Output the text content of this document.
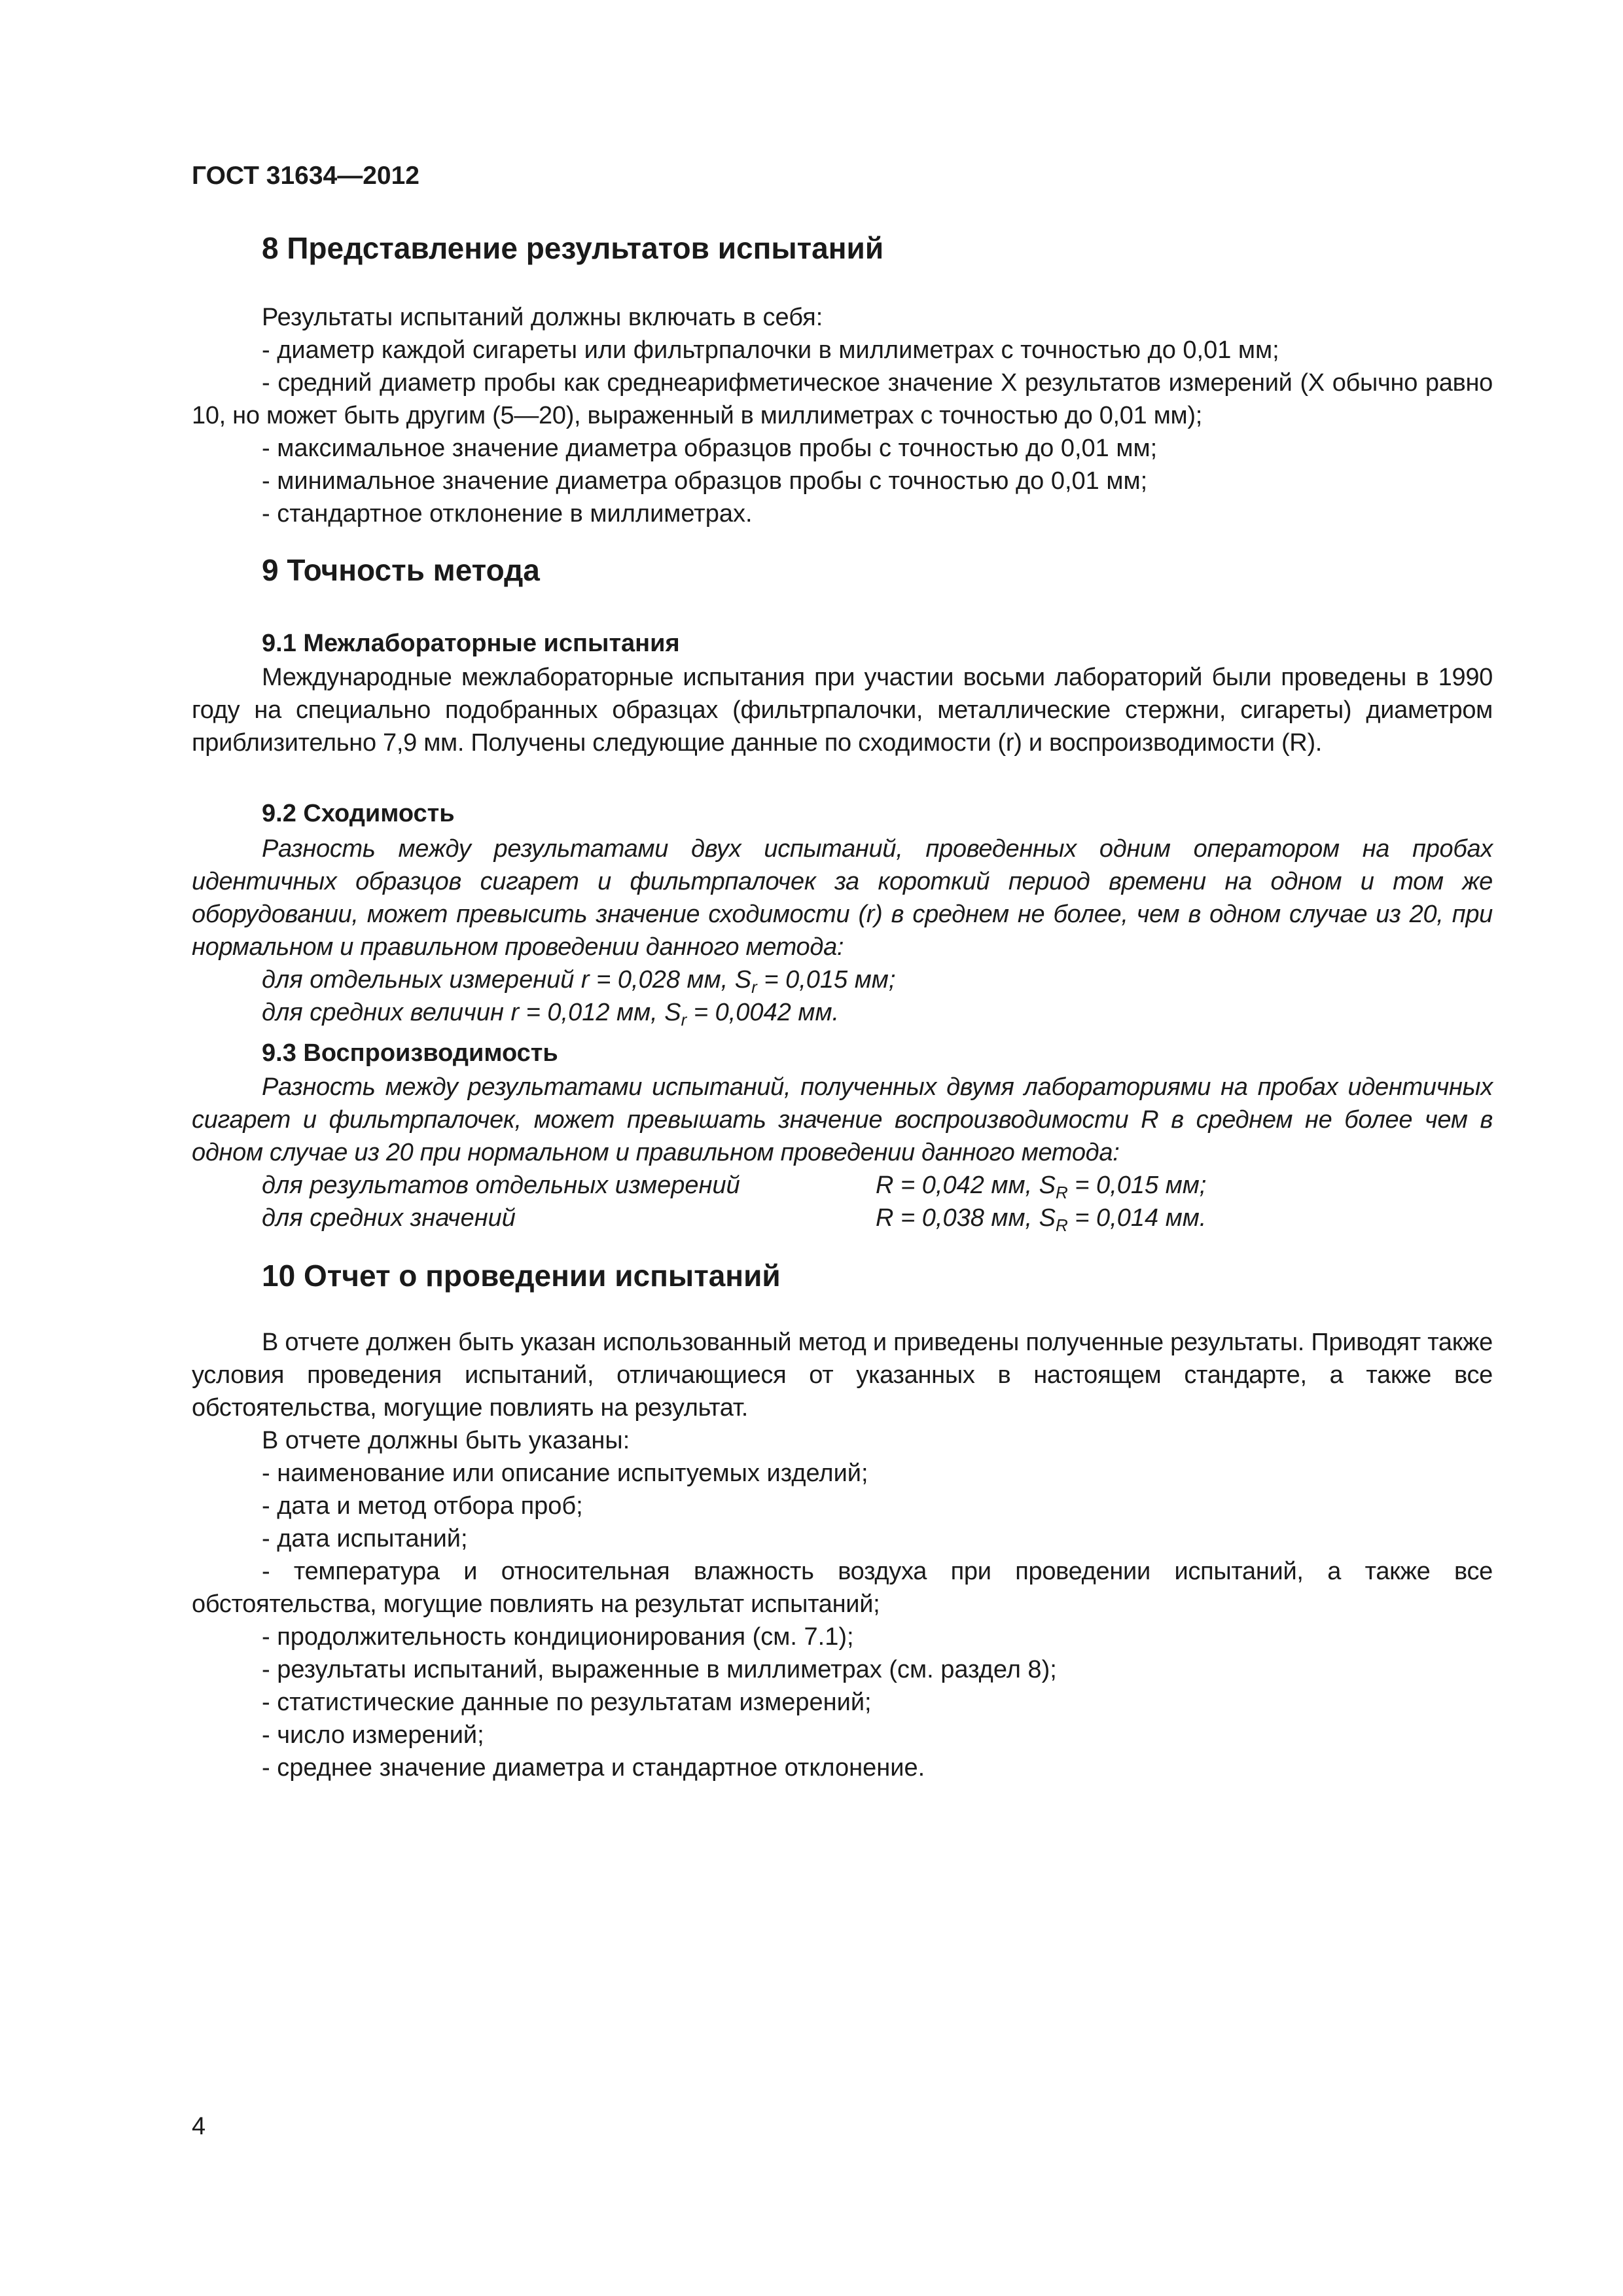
ГОСТ 31634—2012
8 Представление результатов испытаний
Результаты испытаний должны включать в себя:
- диаметр каждой сигареты или фильтрпалочки в миллиметрах с точностью до 0,01 мм;
- средний диаметр пробы как среднеарифметическое значение X результатов измерений (X обычно равно 10, но может быть другим (5—20), выраженный в миллиметрах с точностью до 0,01 мм);
- максимальное значение диаметра образцов пробы с точностью до 0,01 мм;
- минимальное значение диаметра образцов пробы с точностью до 0,01 мм;
- стандартное отклонение в миллиметрах.
9 Точность метода
9.1 Межлабораторные испытания
Международные межлабораторные испытания при участии восьми лабораторий были проведены в 1990 году на специально подобранных образцах (фильтрпалочки, металлические стержни, сигареты) диаметром приблизительно 7,9 мм. Получены следующие данные по сходимости (r) и воспроизводимости (R).
9.2 Сходимость
Разность между результатами двух испытаний, проведенных одним оператором на пробах идентичных образцов сигарет и фильтрпалочек за короткий период времени на одном и том же оборудовании, может превысить значение сходимости (r) в среднем не более, чем в одном случае из 20, при нормальном и правильном проведении данного метода:
для отдельных измерений r = 0,028 мм, $S_r = 0,015$ мм;
для средних величин r = 0,012 мм, $S_r = 0,0042$ мм.
9.3 Воспроизводимость
Разность между результатами испытаний, полученных двумя лабораториями на пробах идентичных сигарет и фильтрпалочек, может превышать значение воспроизводимости R в среднем не более чем в одном случае из 20 при нормальном и правильном проведении данного метода:
для результатов отдельных измерений	R = 0,042 мм, $S_R = 0,015$ мм;
для средних значений	R = 0,038 мм, $S_R = 0,014$ мм.
10 Отчет о проведении испытаний
В отчете должен быть указан использованный метод и приведены полученные результаты. Приводят также условия проведения испытаний, отличающиеся от указанных в настоящем стандарте, а также все обстоятельства, могущие повлиять на результат.
В отчете должны быть указаны:
- наименование или описание испытуемых изделий;
- дата и метод отбора проб;
- дата испытаний;
- температура и относительная влажность воздуха при проведении испытаний, а также все обстоятельства, могущие повлиять на результат испытаний;
- продолжительность кондиционирования (см. 7.1);
- результаты испытаний, выраженные в миллиметрах (см. раздел 8);
- статистические данные по результатам измерений;
- число измерений;
- среднее значение диаметра и стандартное отклонение.
4
